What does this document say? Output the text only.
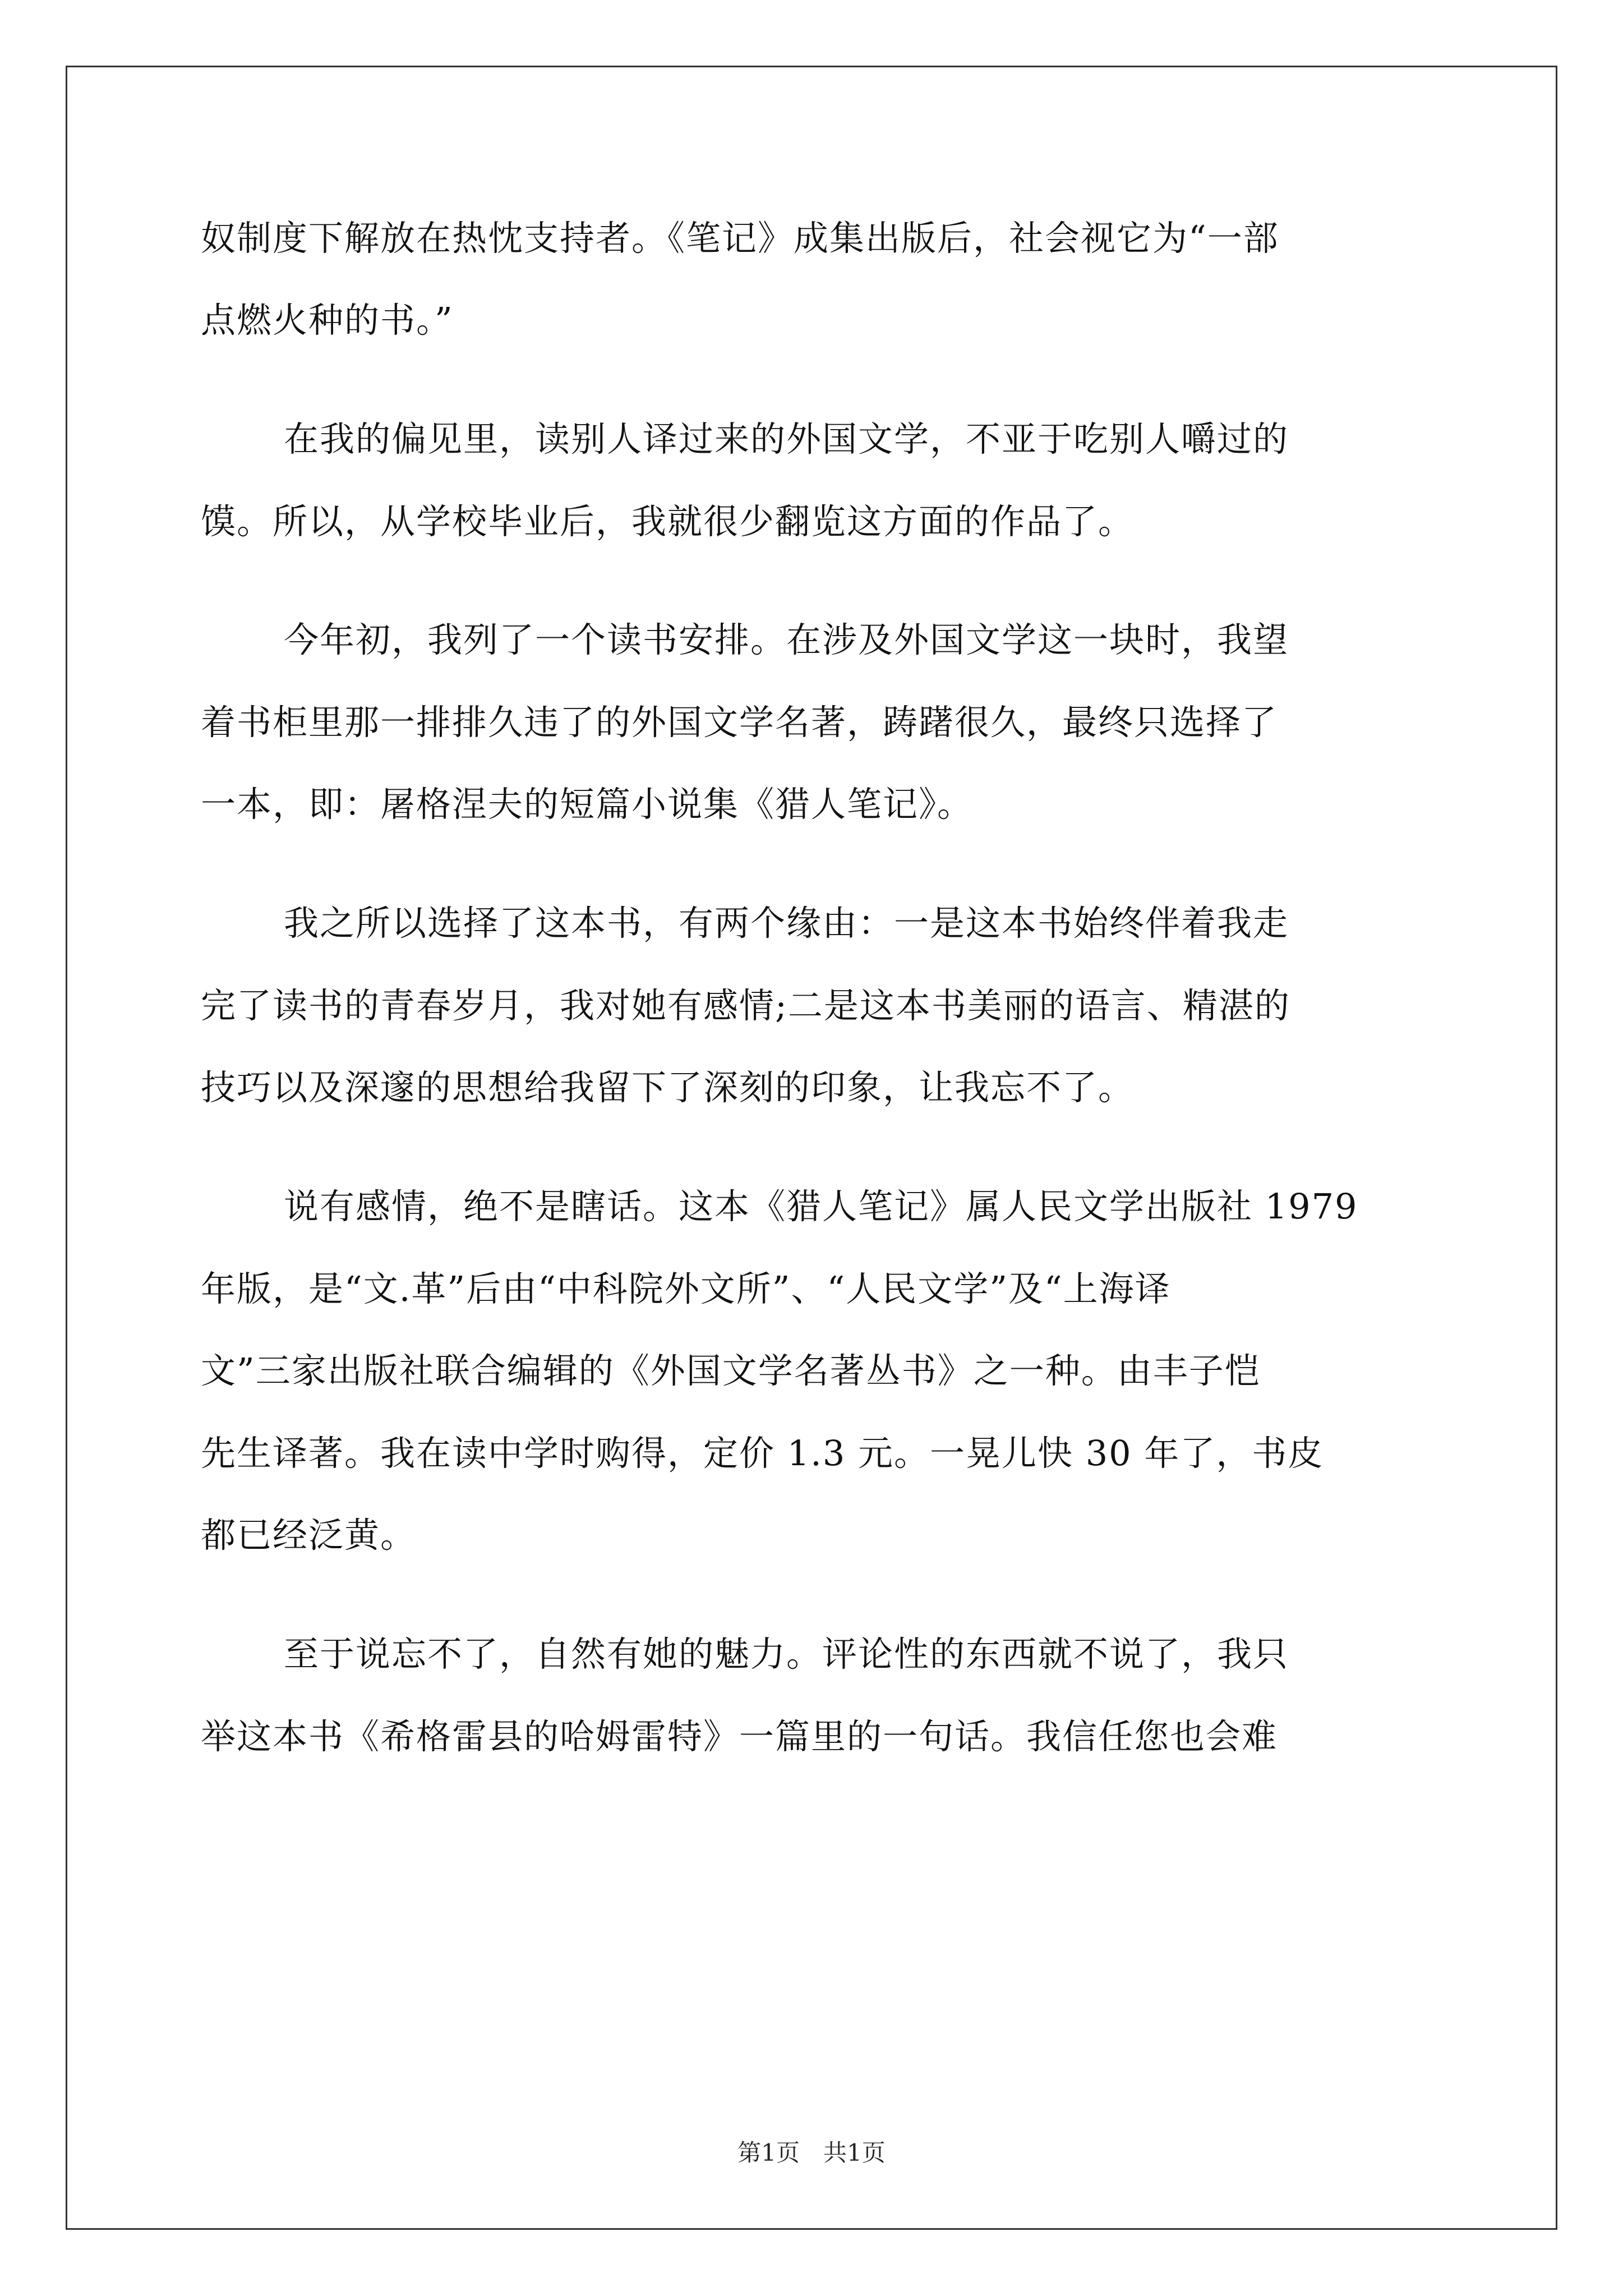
奴制度下解放在热忱支持者。《笔记》成集出版后，社会视它为“一部
点燃火种的书。”
在我的偏见里，读别人译过来的外国文学，不亚于吃别人嚼过的
馍。所以，从学校毕业后，我就很少翻览这方面的作品了。
今年初，我列了一个读书安排。在涉及外国文学这一块时，我望
着书柜里那一排排久违了的外国文学名著，踌躇很久，最终只选择了
一本，即：屠格涅夫的短篇小说集《猎人笔记》。
我之所以选择了这本书，有两个缘由：一是这本书始终伴着我走
完了读书的青春岁月，我对她有感情;二是这本书美丽的语言、精湛的
技巧以及深邃的思想给我留下了深刻的印象，让我忘不了。
说有感情，绝不是瞎话。这本《猎人笔记》属人民文学出版社 1979
年版，是“文.革”后由“中科院外文所”、“人民文学”及“上海译
文”三家出版社联合编辑的《外国文学名著丛书》之一种。由丰子恺
先生译著。我在读中学时购得，定价 1.3 元。一晃儿快 30 年了，书皮
都已经泛黄。
至于说忘不了，自然有她的魅力。评论性的东西就不说了，我只
举这本书《希格雷县的哈姆雷特》一篇里的一句话。我信任您也会难
第1页　共1页
